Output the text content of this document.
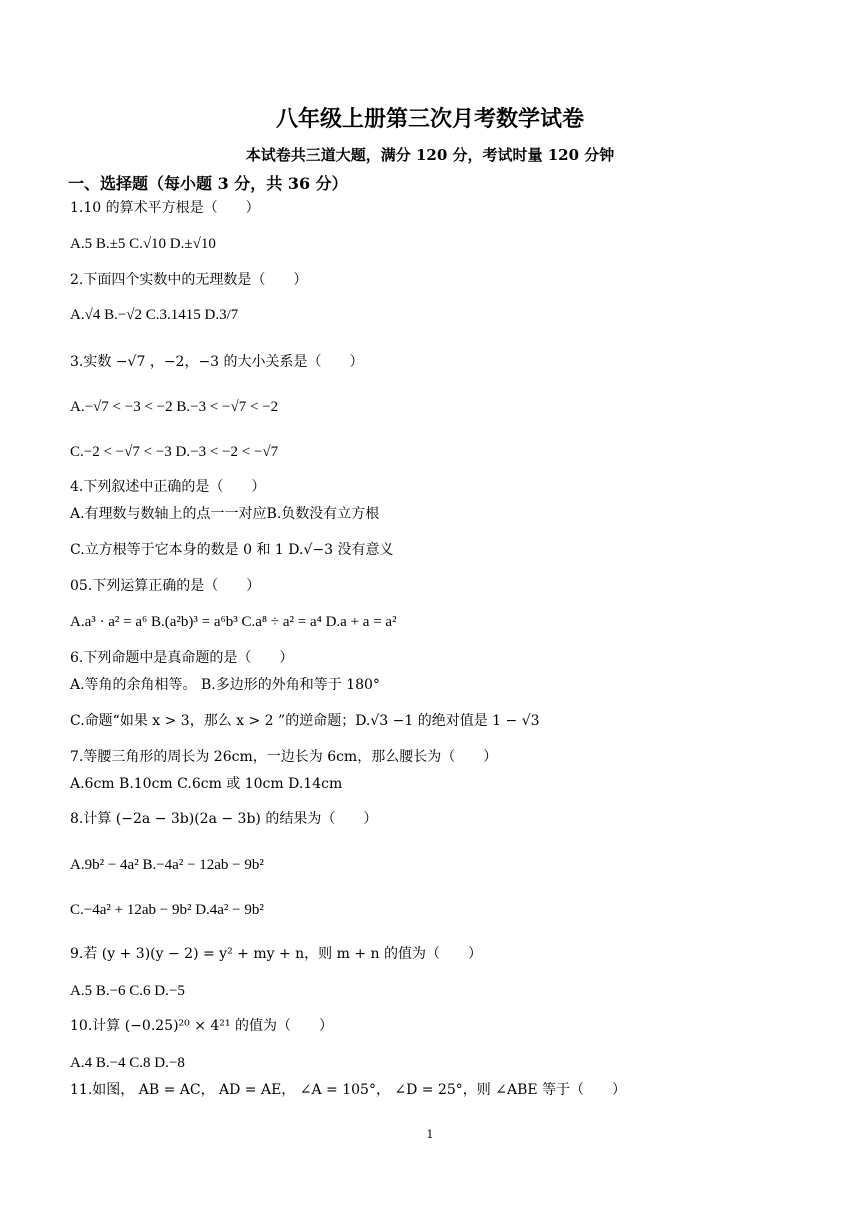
八年级上册第三次月考数学试卷
本试卷共三道大题，满分 120 分，考试时量 120 分钟
一、选择题（每小题 3 分，共 36 分）
1.10 的算术平方根是（　　）
A.5 B.±5 C.√10 D.±√10
2.下面四个实数中的无理数是（　　）
A.√4 B.−√2 C.3.1415 D.3/7
3.实数 −√7 ，−2，−3 的大小关系是（　　）
A.−√7 < −3 < −2 B.−3 < −√7 < −2
C.−2 < −√7 < −3 D.−3 < −2 < −√7
4.下列叙述中正确的是（　　）
A.有理数与数轴上的点一一对应B.负数没有立方根
C.立方根等于它本身的数是 0 和 1 D.√−3 没有意义
05.下列运算正确的是（　　）
A.a³ · a² = a⁶ B.(a²b)³ = a⁶b³ C.a⁸ ÷ a² = a⁴ D.a + a = a²
6.下列命题中是真命题的是（　　）
A.等角的余角相等。 B.多边形的外角和等于 180°
C.命题“如果 x > 3，那么 x > 2 ”的逆命题；D.√3 −1 的绝对值是 1 − √3
7.等腰三角形的周长为 26cm，一边长为 6cm，那么腰长为（　　）
A.6cm B.10cm C.6cm 或 10cm D.14cm
8.计算 (−2a − 3b)(2a − 3b) 的结果为（　　）
A.9b² − 4a² B.−4a² − 12ab − 9b²
C.−4a² + 12ab − 9b² D.4a² − 9b²
9.若 (y + 3)(y − 2) = y² + my + n，则 m + n 的值为（　　）
A.5 B.−6 C.6 D.−5
10.计算 (−0.25)²⁰ × 4²¹ 的值为（　　）
A.4 B.−4 C.8 D.−8
11.如图， AB = AC， AD = AE， ∠A = 105°， ∠D = 25°，则 ∠ABE 等于（　　）
1
